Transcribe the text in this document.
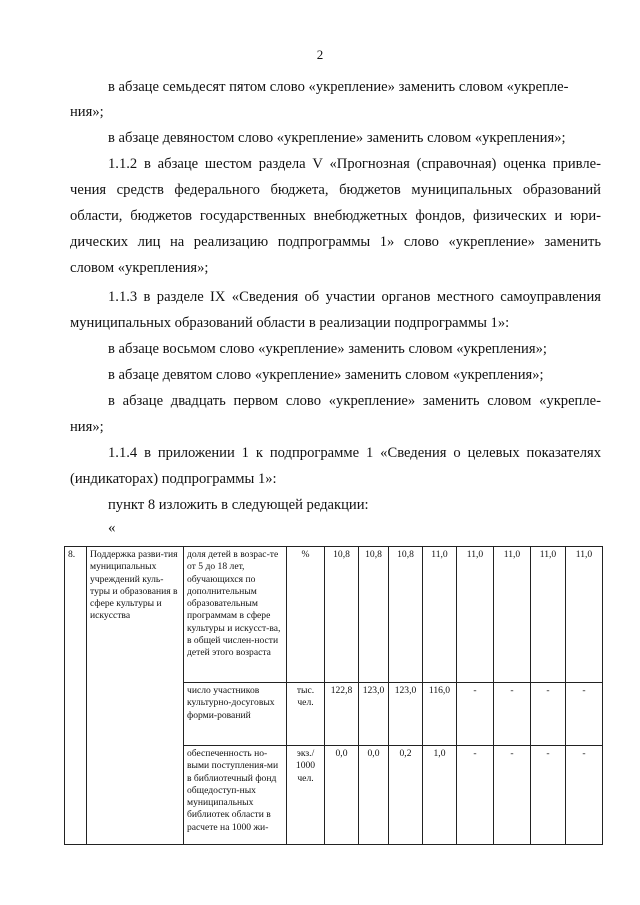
2
в абзаце семьдесят пятом слово «укрепление» заменить словом «укрепле-
ния»;
в абзаце девяностом слово «укрепление» заменить словом «укрепления»;
1.1.2 в абзаце шестом раздела V «Прогнозная (справочная) оценка привле-
чения средств федерального бюджета, бюджетов муниципальных образований
области, бюджетов государственных внебюджетных фондов, физических и юри-
дических лиц на реализацию подпрограммы 1» слово «укрепление» заменить
словом «укрепления»;
1.1.3 в разделе IX «Сведения об участии органов местного самоуправления
муниципальных образований области в реализации подпрограммы 1»:
в абзаце восьмом слово «укрепление» заменить словом «укрепления»;
в абзаце девятом слово «укрепление» заменить словом «укрепления»;
в абзаце двадцать первом слово «укрепление» заменить словом «укрепле-
ния»;
1.1.4 в приложении 1 к подпрограмме 1 «Сведения о целевых показателях
(индикаторах) подпрограммы 1»:
пункт 8 изложить в следующей редакции:
«
8.	Поддержка разви-тия муниципальных учреждений куль-туры и образования в сфере культуры и искусства	доля детей в возрас-те от 5 до 18 лет, обучающихся по дополнительным образовательным программам в сфере культуры и искусст-ва, в общей числен-ности детей этого возраста	%	10,8	10,8	10,8	11,0	11,0	11,0	11,0	11,0
		число участников культурно-досуговых форми-рований	тыс. чел.	122,8	123,0	123,0	116,0	-	-	-	-
		обеспеченность но-выми поступления-ми в библиотечный фонд общедоступ-ных муниципальных библиотек области в расчете на 1000 жи-	экз./ 1000 чел.	0,0	0,0	0,2	1,0	-	-	-	-
